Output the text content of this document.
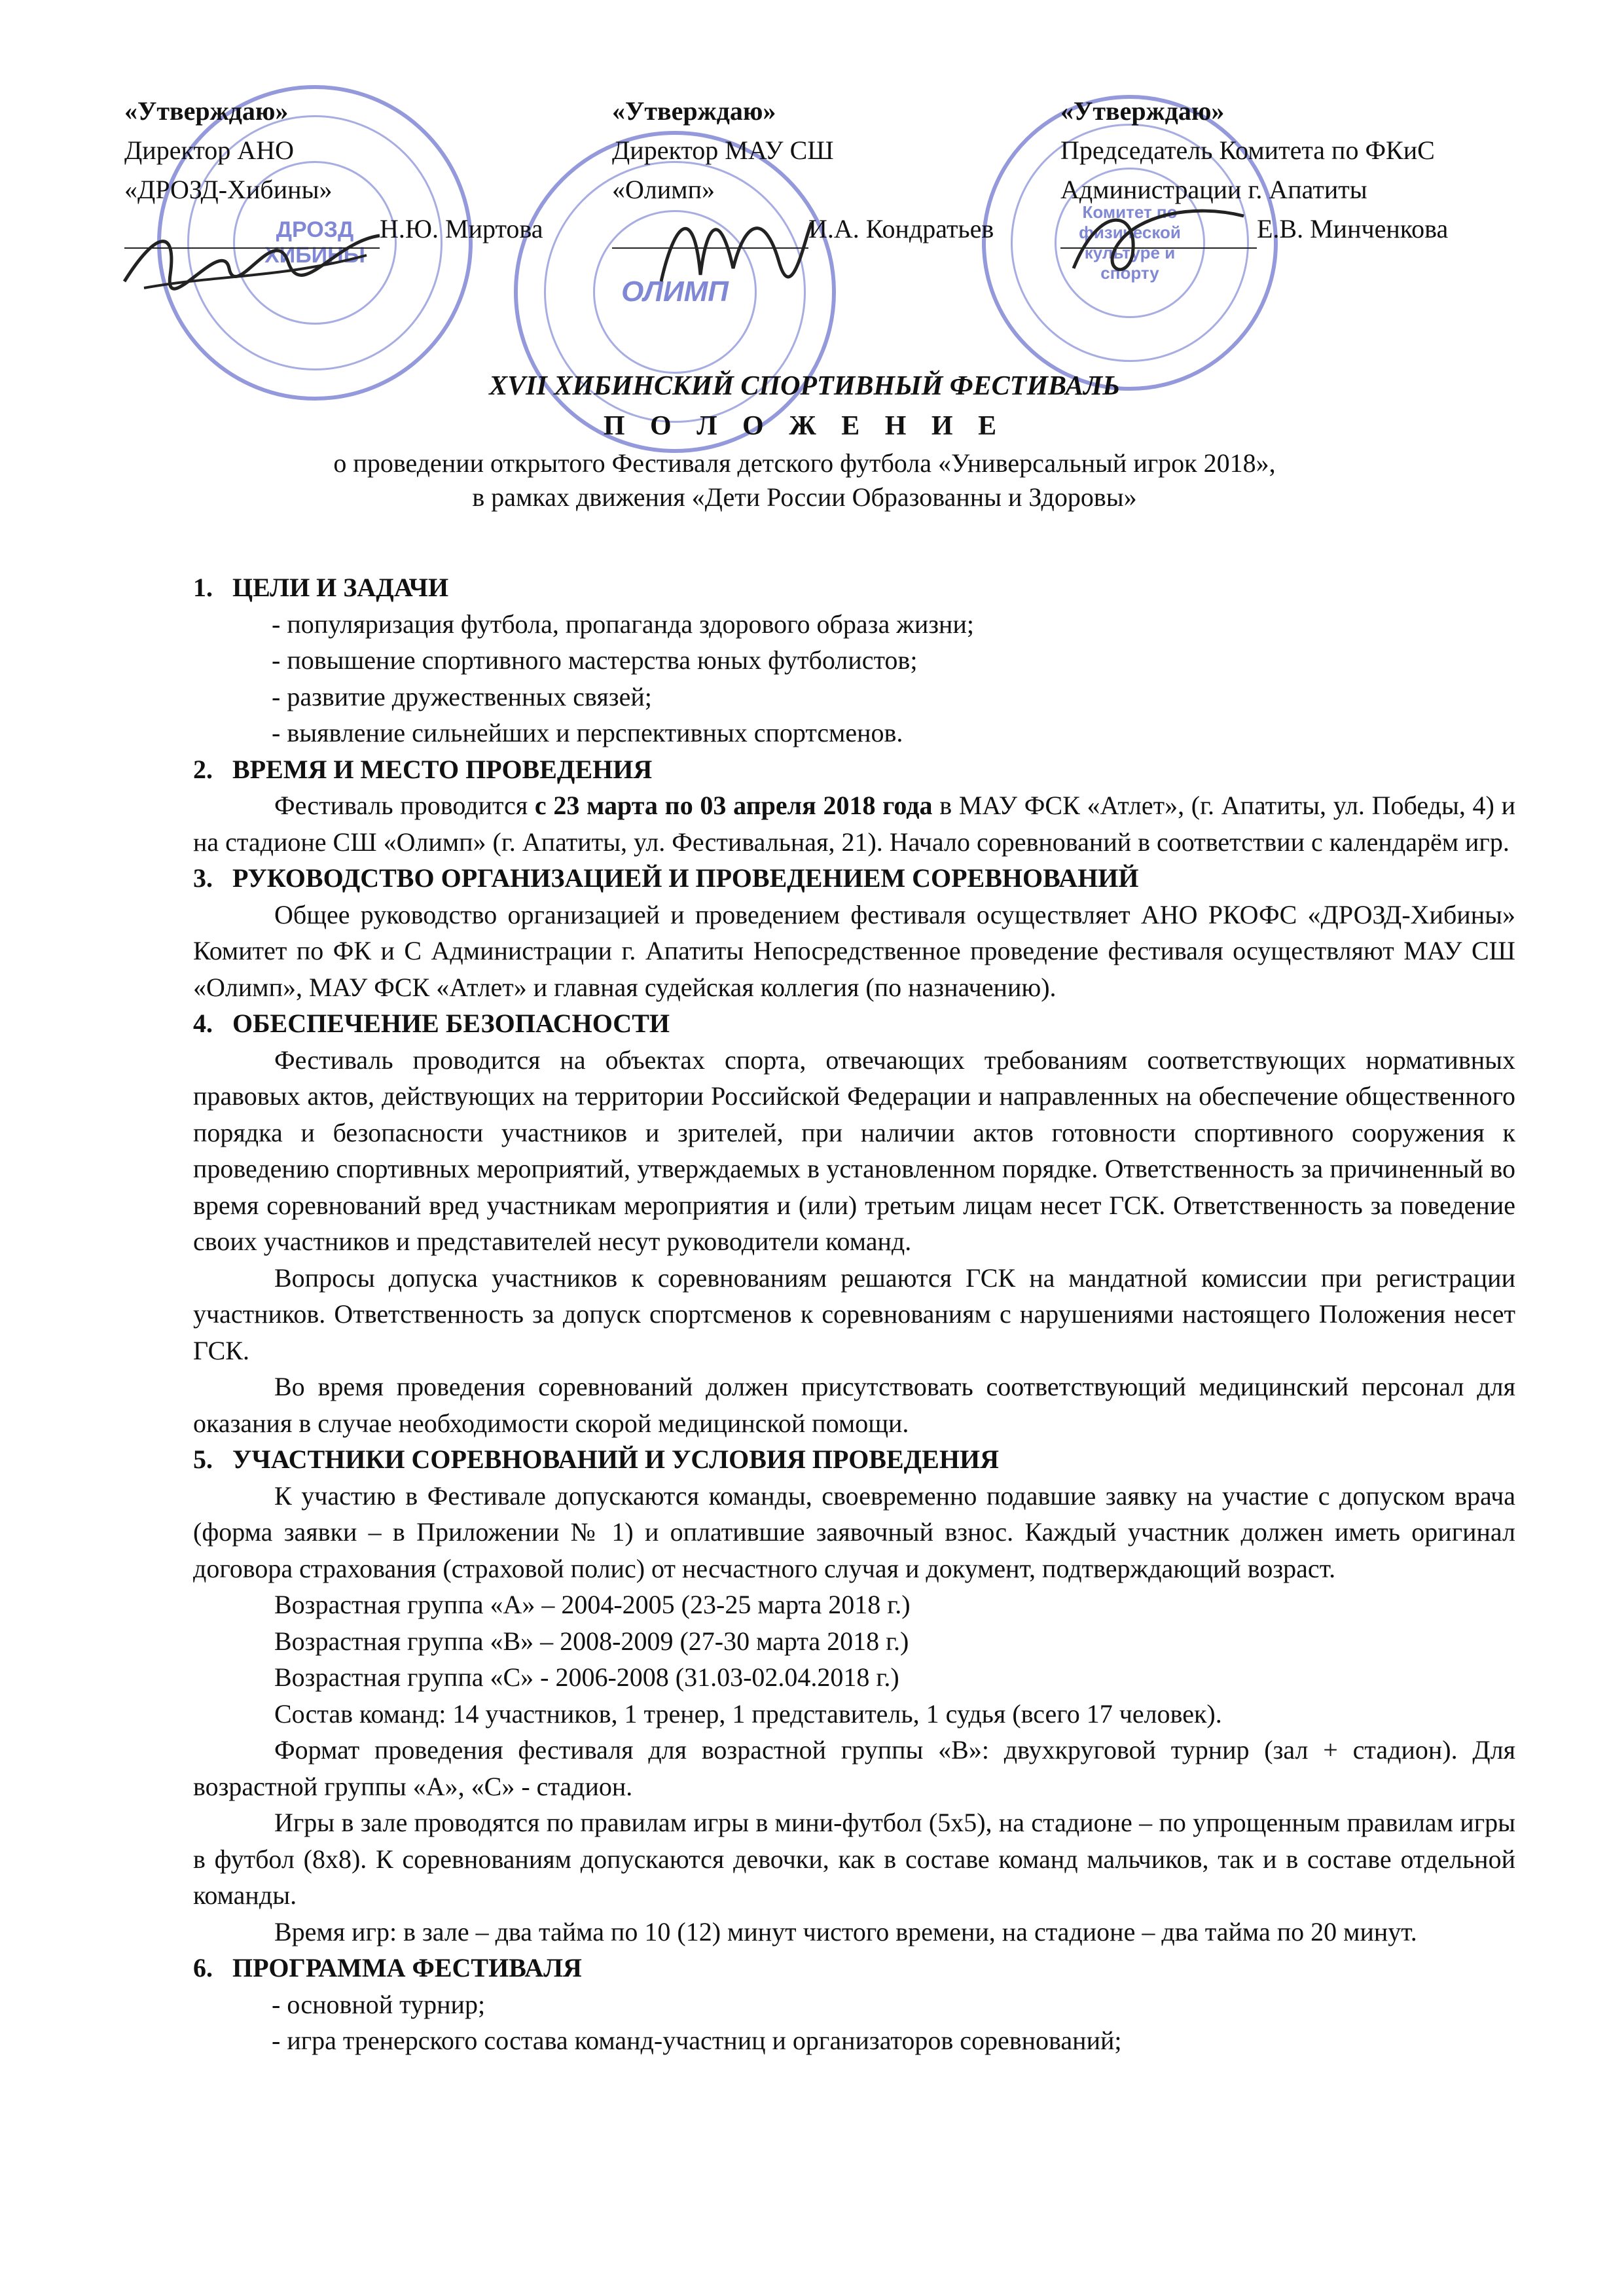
ДРОЗД ХИБИНЫ
ОЛИМП
Комитет по физической культуре и спорту
«Утверждаю»
Директор АНО
«ДРОЗД-Хибины»
Н.Ю. Миртова
«Утверждаю»
Директор МАУ СШ
«Олимп»
И.А. Кондратьев
«Утверждаю»
Председатель Комитета по ФКиС
Администрации г. Апатиты
Е.В. Минченкова
XVII ХИБИНСКИЙ СПОРТИВНЫЙ ФЕСТИВАЛЬ
П О Л О Ж Е Н И Е
о проведении открытого Фестиваля детского футбола «Универсальный игрок 2018»,
в рамках движения «Дети России Образованны и Здоровы»
1. ЦЕЛИ И ЗАДАЧИ
- популяризация футбола, пропаганда здорового образа жизни;
- повышение спортивного мастерства юных футболистов;
- развитие дружественных связей;
- выявление сильнейших и перспективных спортсменов.
2. ВРЕМЯ И МЕСТО ПРОВЕДЕНИЯ
Фестиваль проводится с 23 марта по 03 апреля 2018 года в МАУ ФСК «Атлет», (г. Апатиты, ул. Победы, 4) и на стадионе СШ «Олимп» (г. Апатиты, ул. Фестивальная, 21). Начало соревнований в соответствии с календарём игр.
3. РУКОВОДСТВО ОРГАНИЗАЦИЕЙ И ПРОВЕДЕНИЕМ СОРЕВНОВАНИЙ
Общее руководство организацией и проведением фестиваля осуществляет АНО РКОФС «ДРОЗД-Хибины» Комитет по ФК и С Администрации г. Апатиты Непосредственное проведение фестиваля осуществляют МАУ СШ «Олимп», МАУ ФСК «Атлет» и главная судейская коллегия (по назначению).
4. ОБЕСПЕЧЕНИЕ БЕЗОПАСНОСТИ
Фестиваль проводится на объектах спорта, отвечающих требованиям соответствующих нормативных правовых актов, действующих на территории Российской Федерации и направленных на обеспечение общественного порядка и безопасности участников и зрителей, при наличии актов готовности спортивного сооружения к проведению спортивных мероприятий, утверждаемых в установленном порядке. Ответственность за причиненный во время соревнований вред участникам мероприятия и (или) третьим лицам несет ГСК. Ответственность за поведение своих участников и представителей несут руководители команд.
Вопросы допуска участников к соревнованиям решаются ГСК на мандатной комиссии при регистрации участников. Ответственность за допуск спортсменов к соревнованиям с нарушениями настоящего Положения несет ГСК.
Во время проведения соревнований должен присутствовать соответствующий медицинский персонал для оказания в случае необходимости скорой медицинской помощи.
5. УЧАСТНИКИ СОРЕВНОВАНИЙ И УСЛОВИЯ ПРОВЕДЕНИЯ
К участию в Фестивале допускаются команды, своевременно подавшие заявку на участие с допуском врача (форма заявки – в Приложении № 1) и оплатившие заявочный взнос. Каждый участник должен иметь оригинал договора страхования (страховой полис) от несчастного случая и документ, подтверждающий возраст.
Возрастная группа «А» – 2004-2005 (23-25 марта 2018 г.)
Возрастная группа «В» – 2008-2009 (27-30 марта 2018 г.)
Возрастная группа «С» - 2006-2008 (31.03-02.04.2018 г.)
Состав команд: 14 участников, 1 тренер, 1 представитель, 1 судья (всего 17 человек).
Формат проведения фестиваля для возрастной группы «В»: двухкруговой турнир (зал + стадион). Для возрастной группы «А», «С» - стадион.
Игры в зале проводятся по правилам игры в мини-футбол (5х5), на стадионе – по упрощенным правилам игры в футбол (8х8). К соревнованиям допускаются девочки, как в составе команд мальчиков, так и в составе отдельной команды.
Время игр: в зале – два тайма по 10 (12) минут чистого времени, на стадионе – два тайма по 20 минут.
6. ПРОГРАММА ФЕСТИВАЛЯ
- основной турнир;
- игра тренерского состава команд-участниц и организаторов соревнований;
